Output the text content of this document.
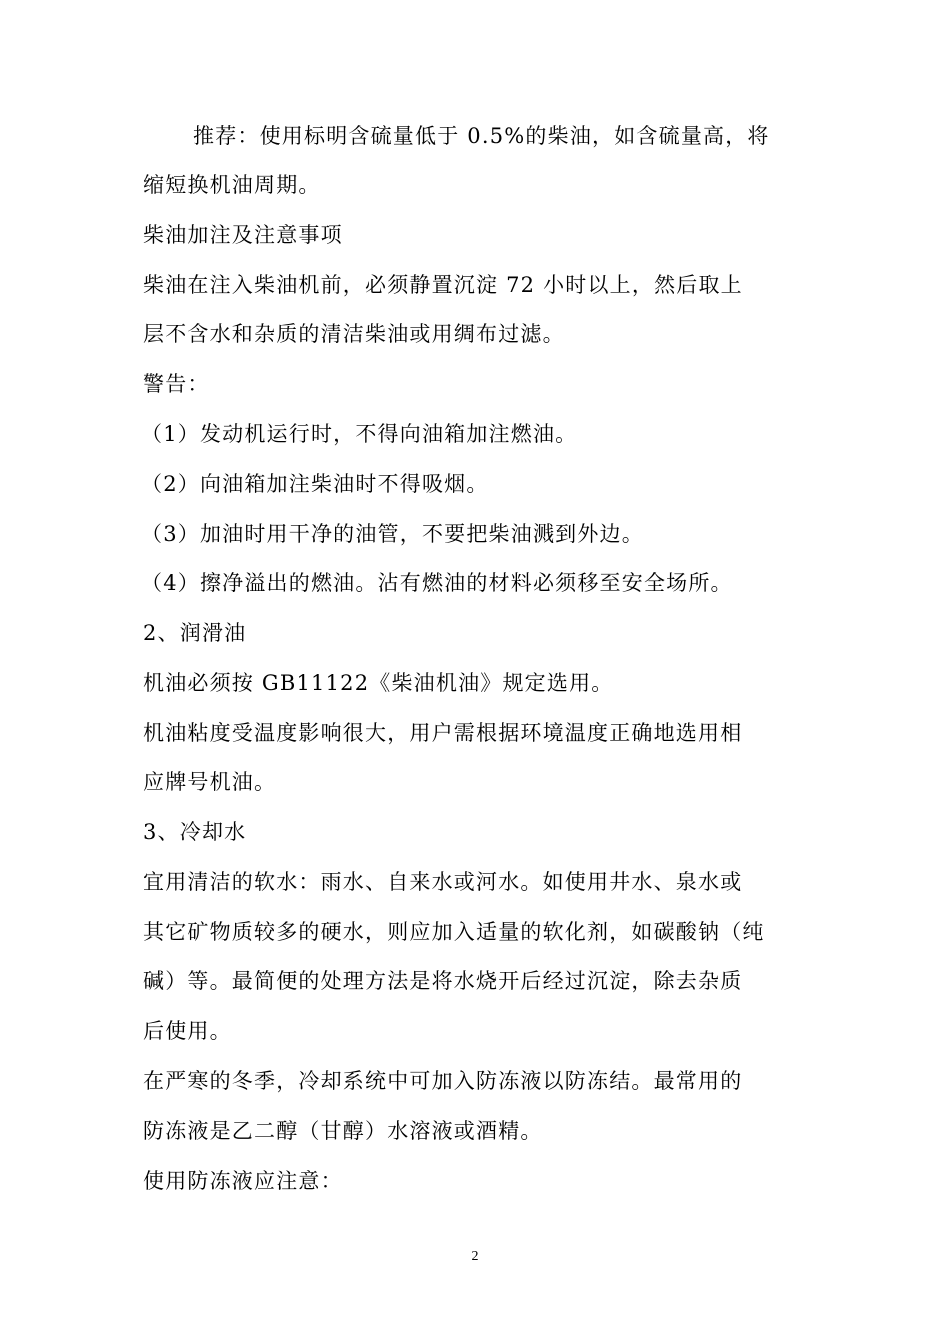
推荐：使用标明含硫量低于 0.5%的柴油，如含硫量高，将
缩短换机油周期。
柴油加注及注意事项
柴油在注入柴油机前，必须静置沉淀 72 小时以上，然后取上
层不含水和杂质的清洁柴油或用绸布过滤。
警告：
（1）发动机运行时，不得向油箱加注燃油。
（2）向油箱加注柴油时不得吸烟。
（3）加油时用干净的油管，不要把柴油溅到外边。
（4）擦净溢出的燃油。沾有燃油的材料必须移至安全场所。
2、润滑油
机油必须按 GB11122《柴油机油》规定选用。
机油粘度受温度影响很大，用户需根据环境温度正确地选用相
应牌号机油。
3、冷却水
宜用清洁的软水：雨水、自来水或河水。如使用井水、泉水或
其它矿物质较多的硬水，则应加入适量的软化剂，如碳酸钠（纯
碱）等。最简便的处理方法是将水烧开后经过沉淀，除去杂质
后使用。
在严寒的冬季，冷却系统中可加入防冻液以防冻结。最常用的
防冻液是乙二醇（甘醇）水溶液或酒精。
使用防冻液应注意：
2
